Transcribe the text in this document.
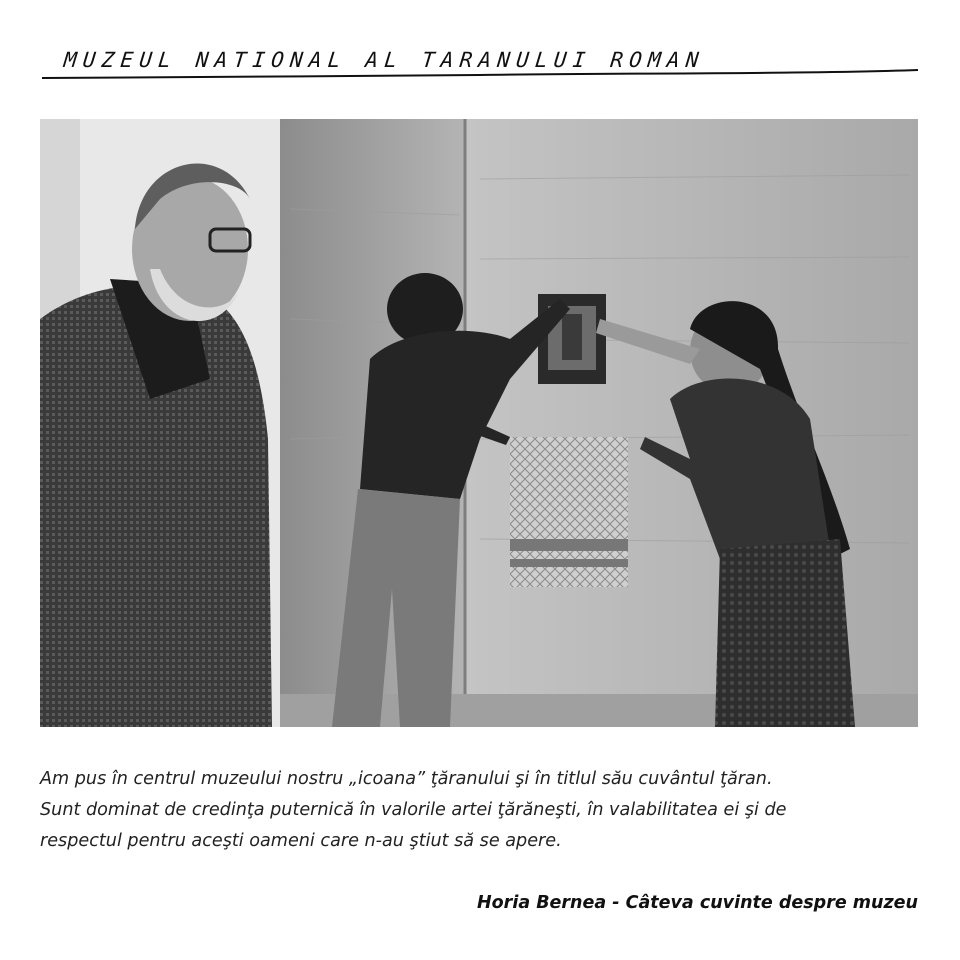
MUZEUL NATIONAL AL TARANULUI ROMAN
Am pus în centrul muzeului nostru „icoana” ţăranului şi în titlul său cuvântul ţăran.
Sunt dominat de credinţa puternică în valorile artei ţărăneşti, în valabilitatea ei şi de
respectul pentru aceşti oameni care n-au ştiut să se apere.
Horia Bernea - Câteva cuvinte despre muzeu
